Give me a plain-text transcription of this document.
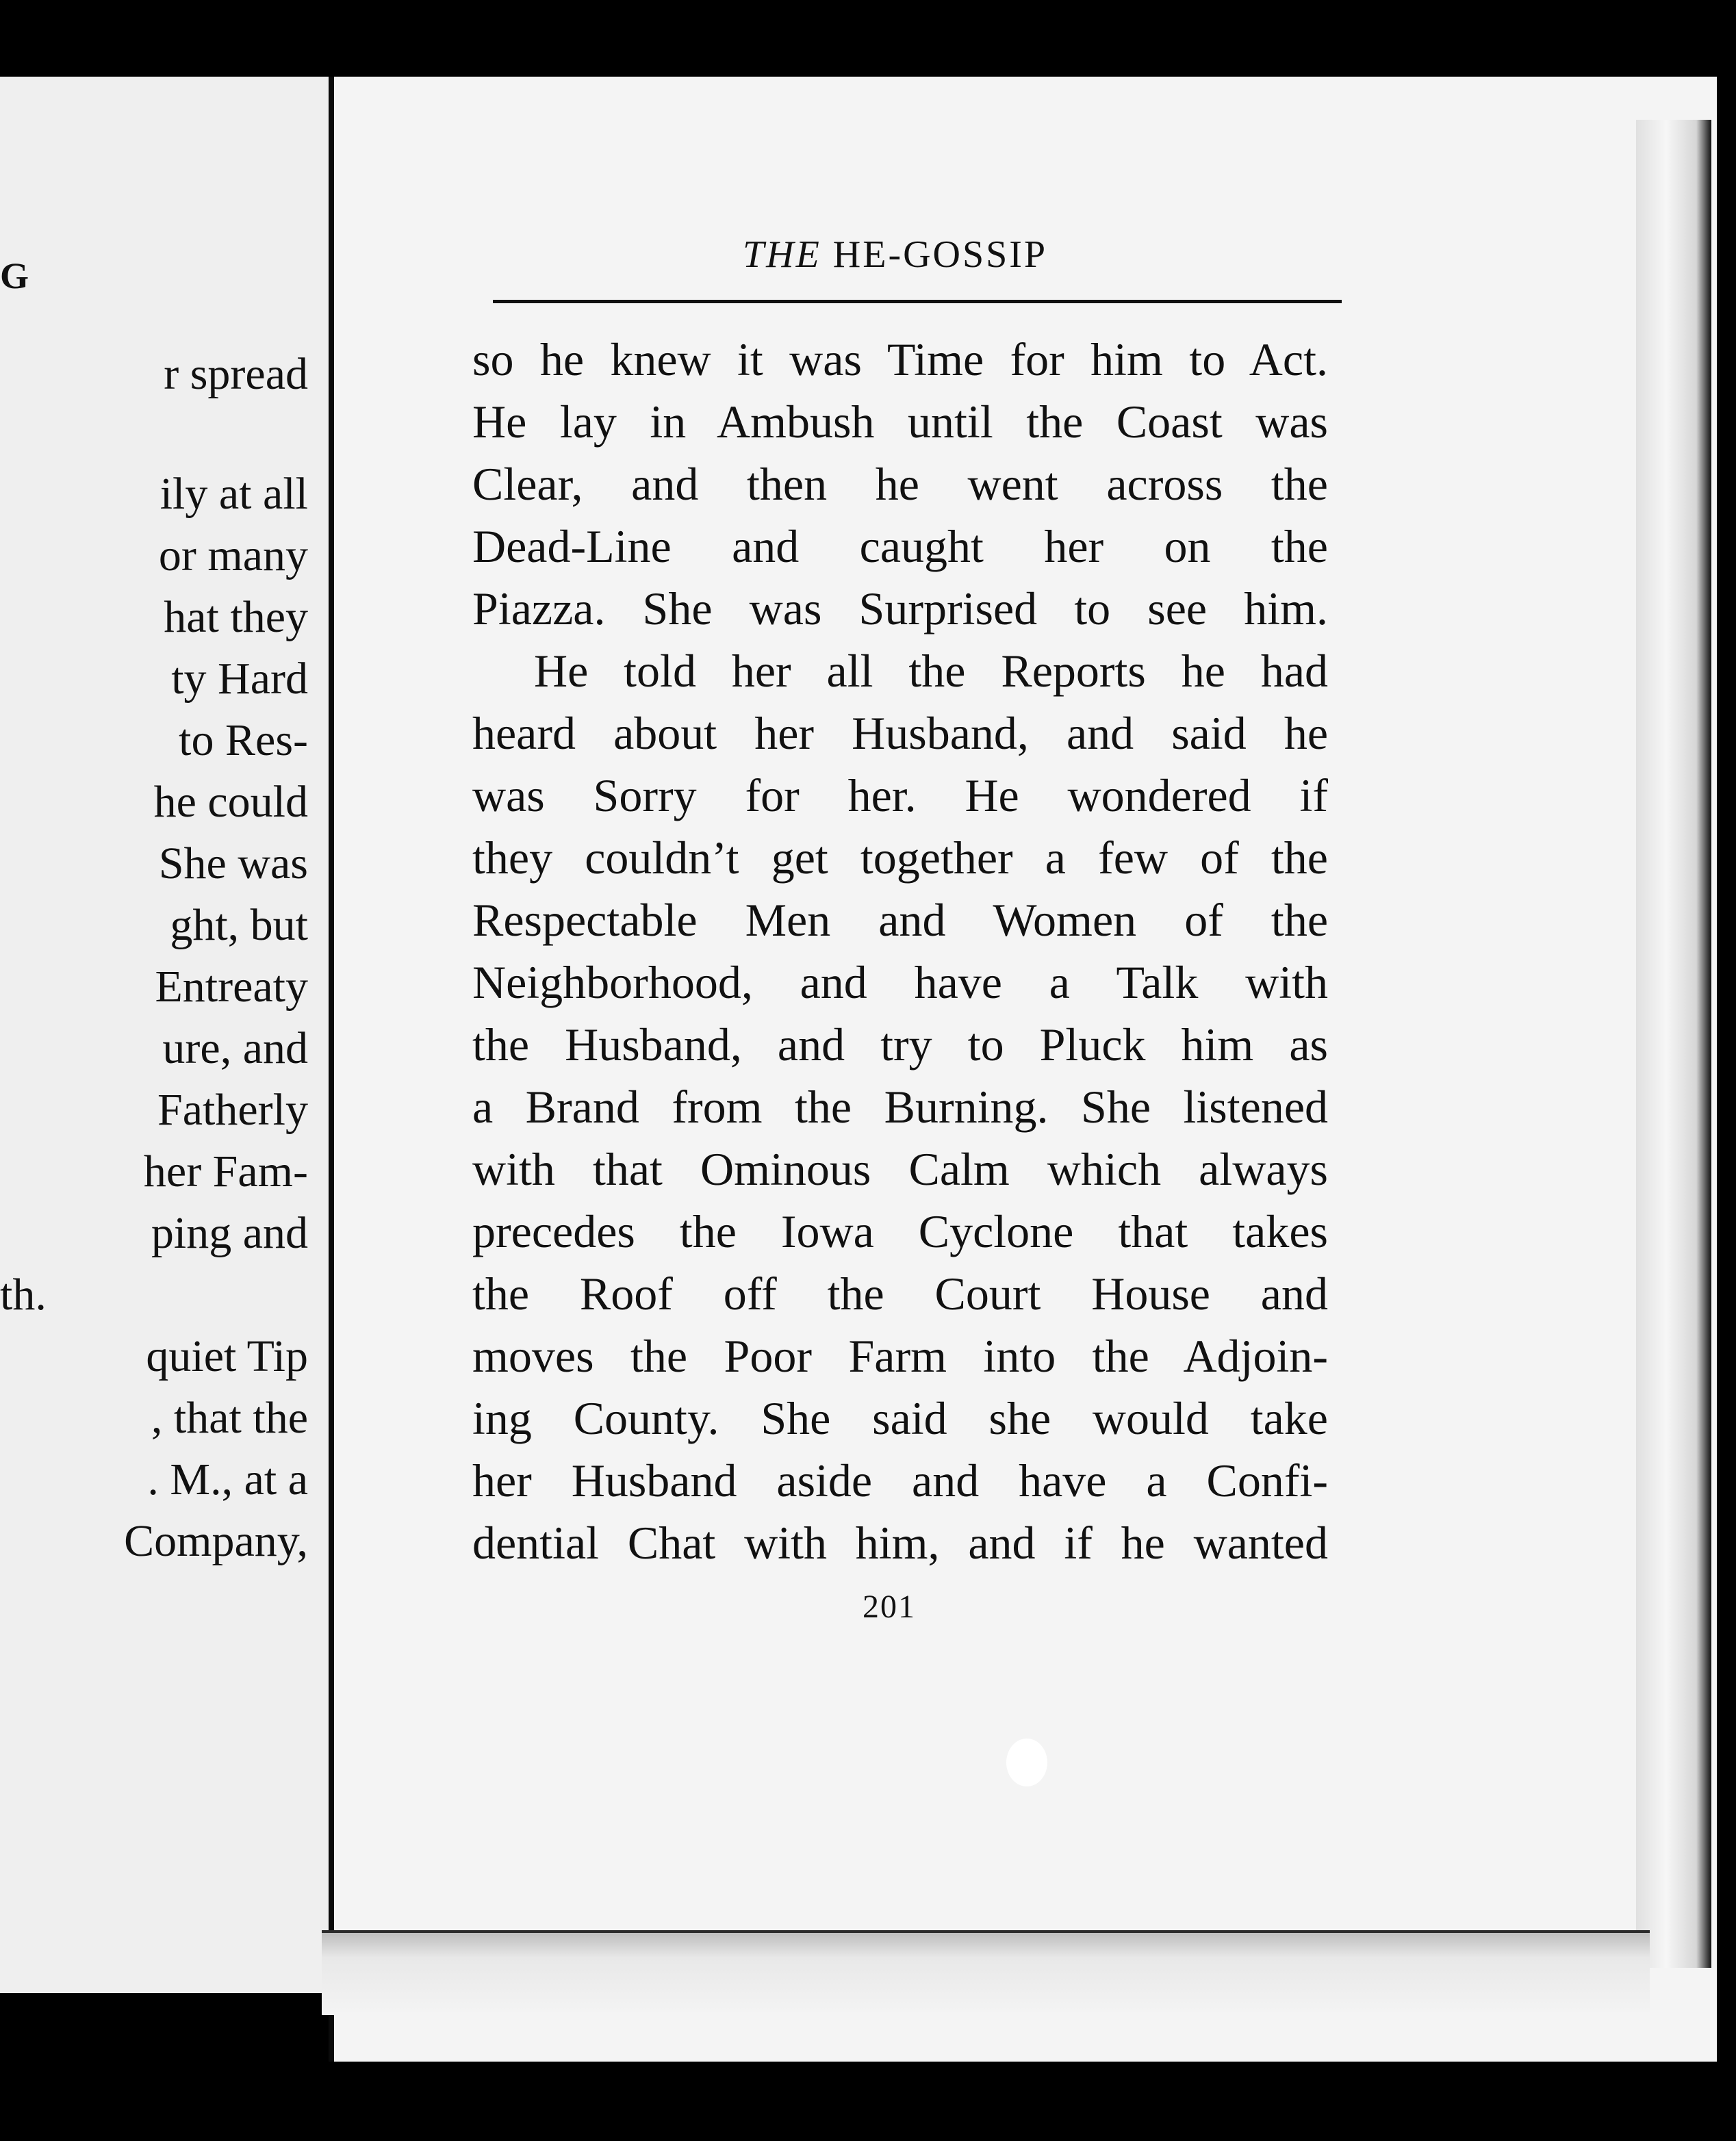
G
r spread
ily at all
or many
hat they
ty Hard
to Res-
he could
She was
ght, but
Entreaty
ure, and
Fatherly
her Fam-
ping and
th.
quiet Tip
, that the
. M., at a
Company,
THE HE-GOSSIP
so he knew it was Time for him to Act.
He lay in Ambush until the Coast was
Clear, and then he went across the
Dead-Line and caught her on the
Piazza. She was Surprised to see him.
He told her all the Reports he had
heard about her Husband, and said he
was Sorry for her. He wondered if
they couldn’t get together a few of the
Respectable Men and Women of the
Neighborhood, and have a Talk with
the Husband, and try to Pluck him as
a Brand from the Burning. She listened
with that Ominous Calm which always
precedes the Iowa Cyclone that takes
the Roof off the Court House and
moves the Poor Farm into the Adjoin-
ing County. She said she would take
her Husband aside and have a Confi-
dential Chat with him, and if he wanted
201
